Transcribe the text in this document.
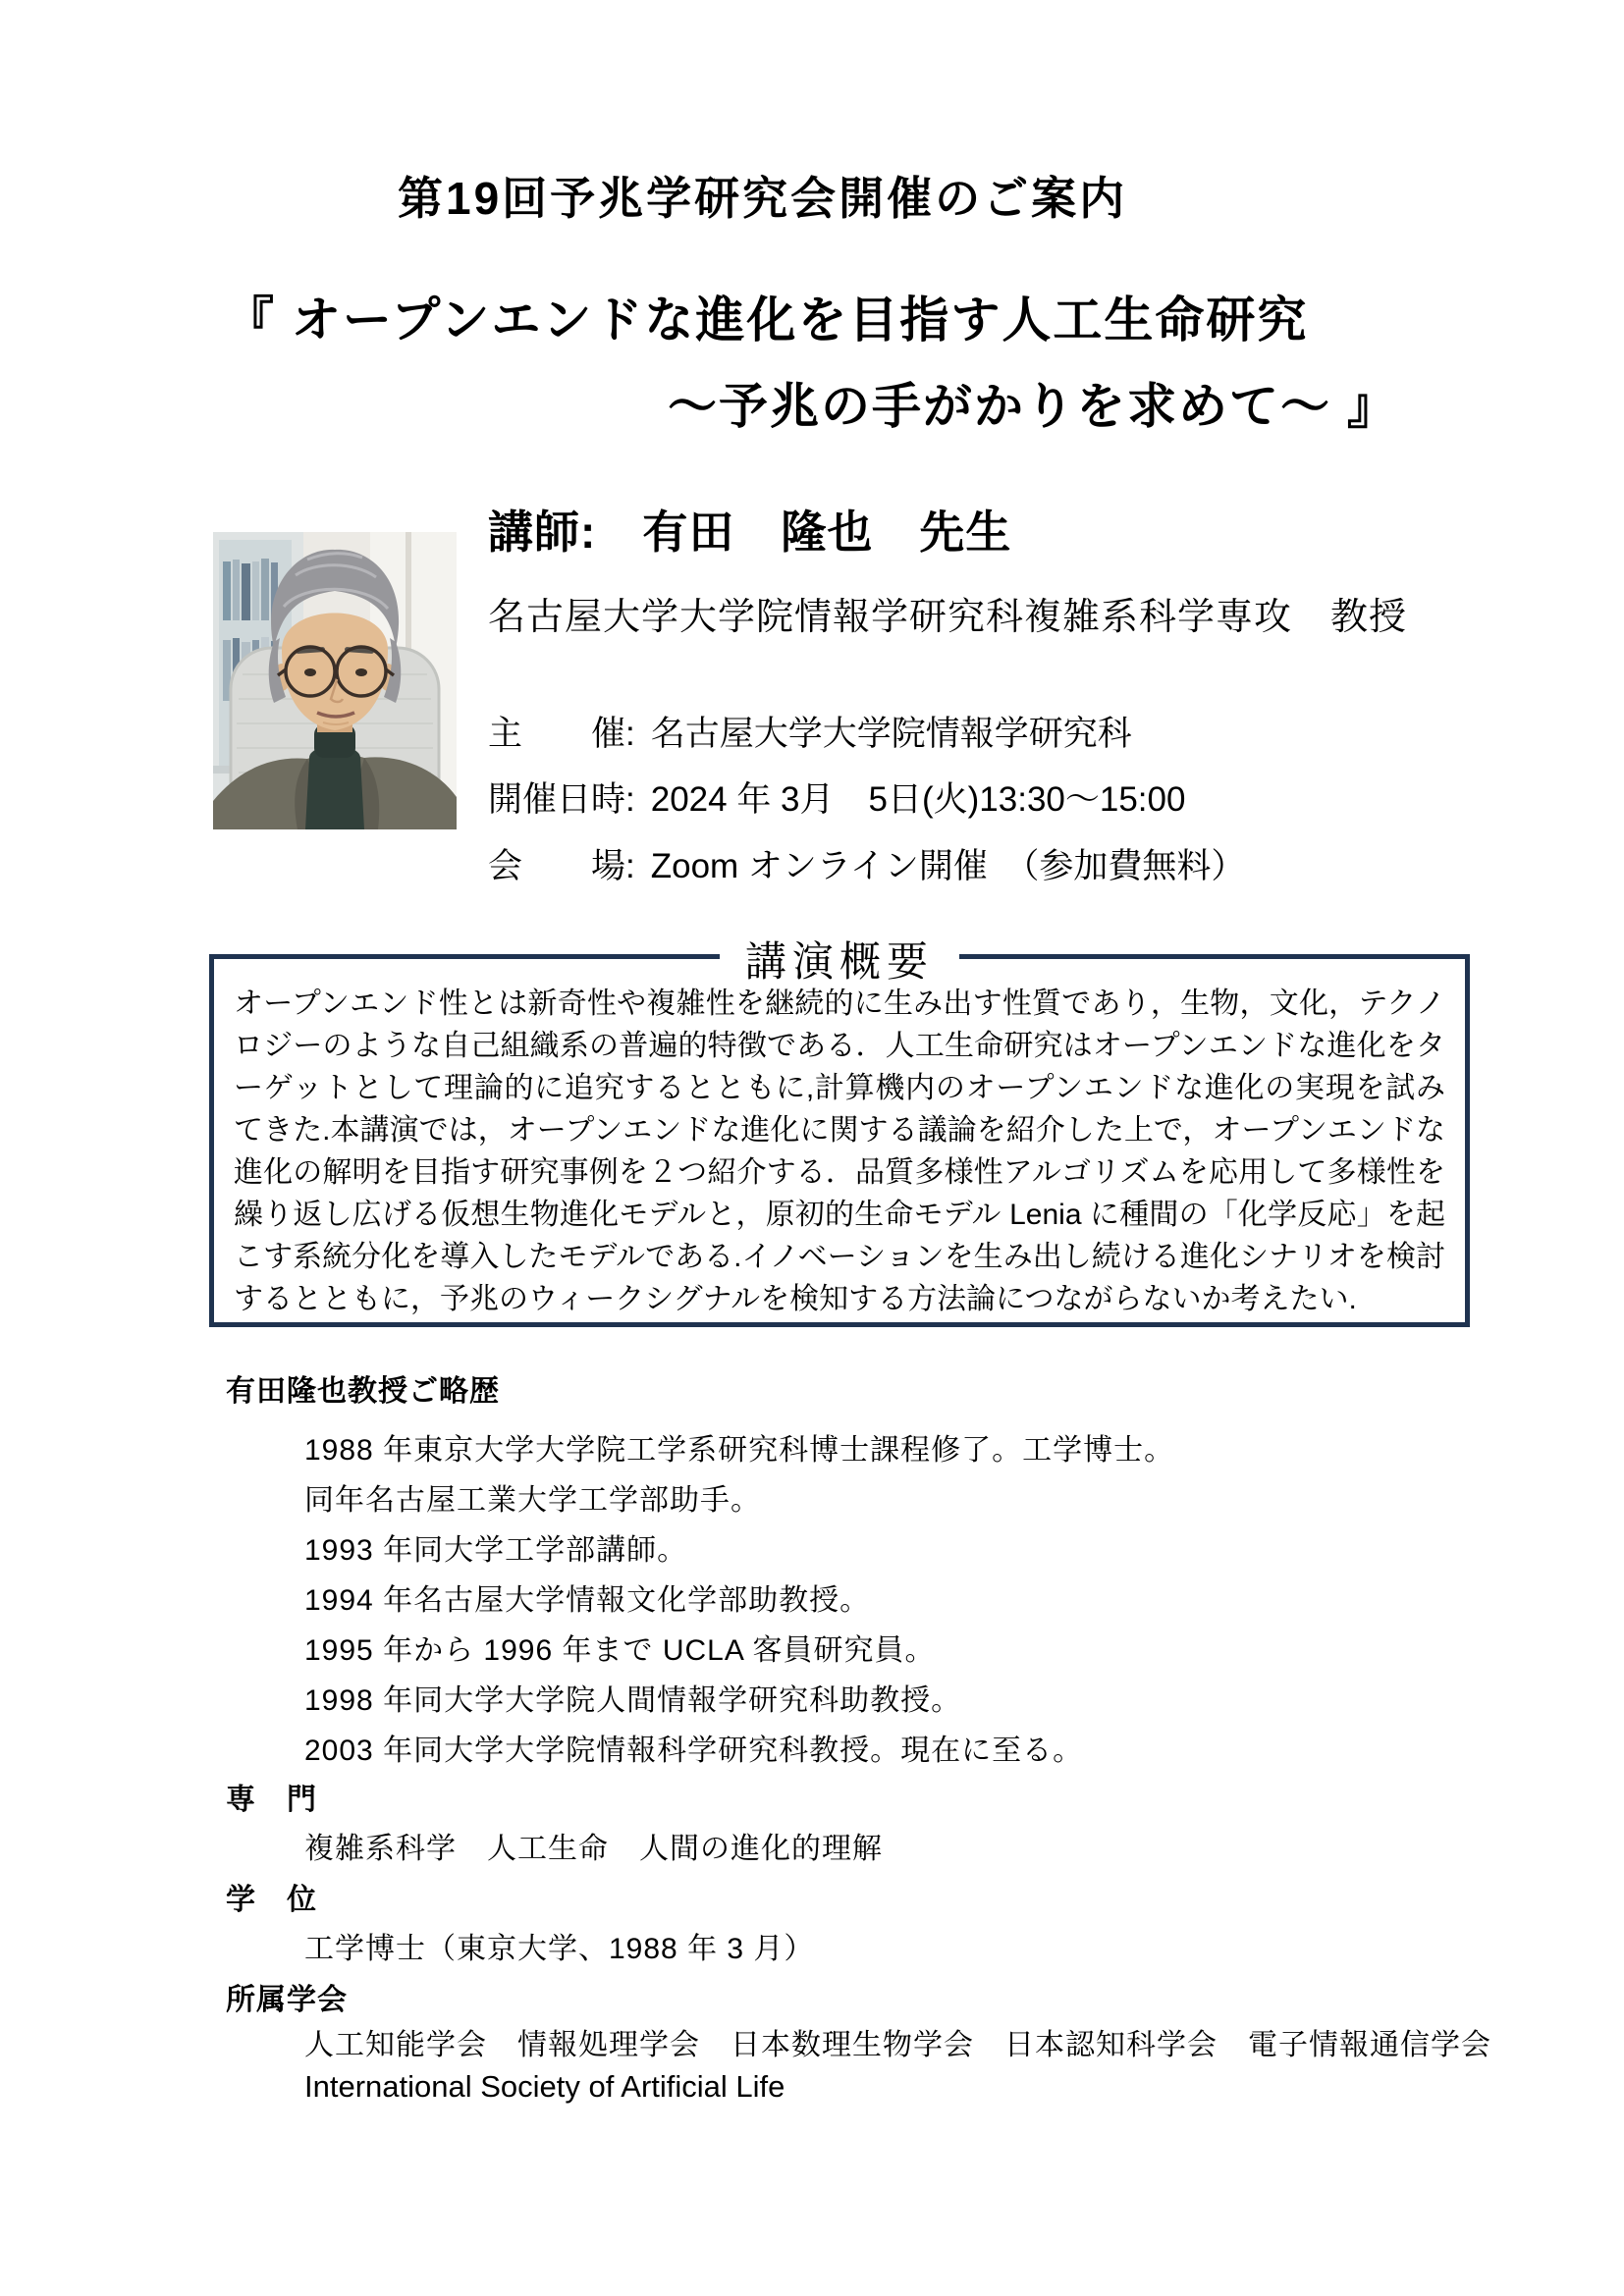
第19回予兆学研究会開催のご案内
『 オープンエンドな進化を目指す人工生命研究
～予兆の手がかりを求めて～ 』
講師:　有田　隆也　先生
名古屋大学大学院情報学研究科複雑系科学専攻　教授
主　　催: 名古屋大学大学院情報学研究科
開催日時: 2024 年 3月　5日(火)13:30～15:00
会　　場: Zoom オンライン開催　（参加費無料）
講演概要
オープンエンド性とは新奇性や複雑性を継続的に生み出す性質であり，生物，文化，テクノロジーのような自己組織系の普遍的特徴である．人工生命研究はオープンエンドな進化をターゲットとして理論的に追究するとともに,計算機内のオープンエンドな進化の実現を試みてきた.本講演では，オープンエンドな進化に関する議論を紹介した上で，オープンエンドな進化の解明を目指す研究事例を２つ紹介する．品質多様性アルゴリズムを応用して多様性を繰り返し広げる仮想生物進化モデルと，原初的生命モデル Lenia に種間の「化学反応」を起こす系統分化を導入したモデルである.イノベーションを生み出し続ける進化シナリオを検討するとともに，予兆のウィークシグナルを検知する方法論につながらないか考えたい.
有田隆也教授ご略歴
1988 年東京大学大学院工学系研究科博士課程修了。工学博士。
同年名古屋工業大学工学部助手。
1993 年同大学工学部講師。
1994 年名古屋大学情報文化学部助教授。
1995 年から 1996 年まで UCLA 客員研究員。
1998 年同大学大学院人間情報学研究科助教授。
2003 年同大学大学院情報科学研究科教授。現在に至る。
専　門
複雑系科学　人工生命　人間の進化的理解
学　位
工学博士（東京大学、1988 年 3 月）
所属学会
人工知能学会　情報処理学会　日本数理生物学会　日本認知科学会　電子情報通信学会
International Society of Artificial Life
